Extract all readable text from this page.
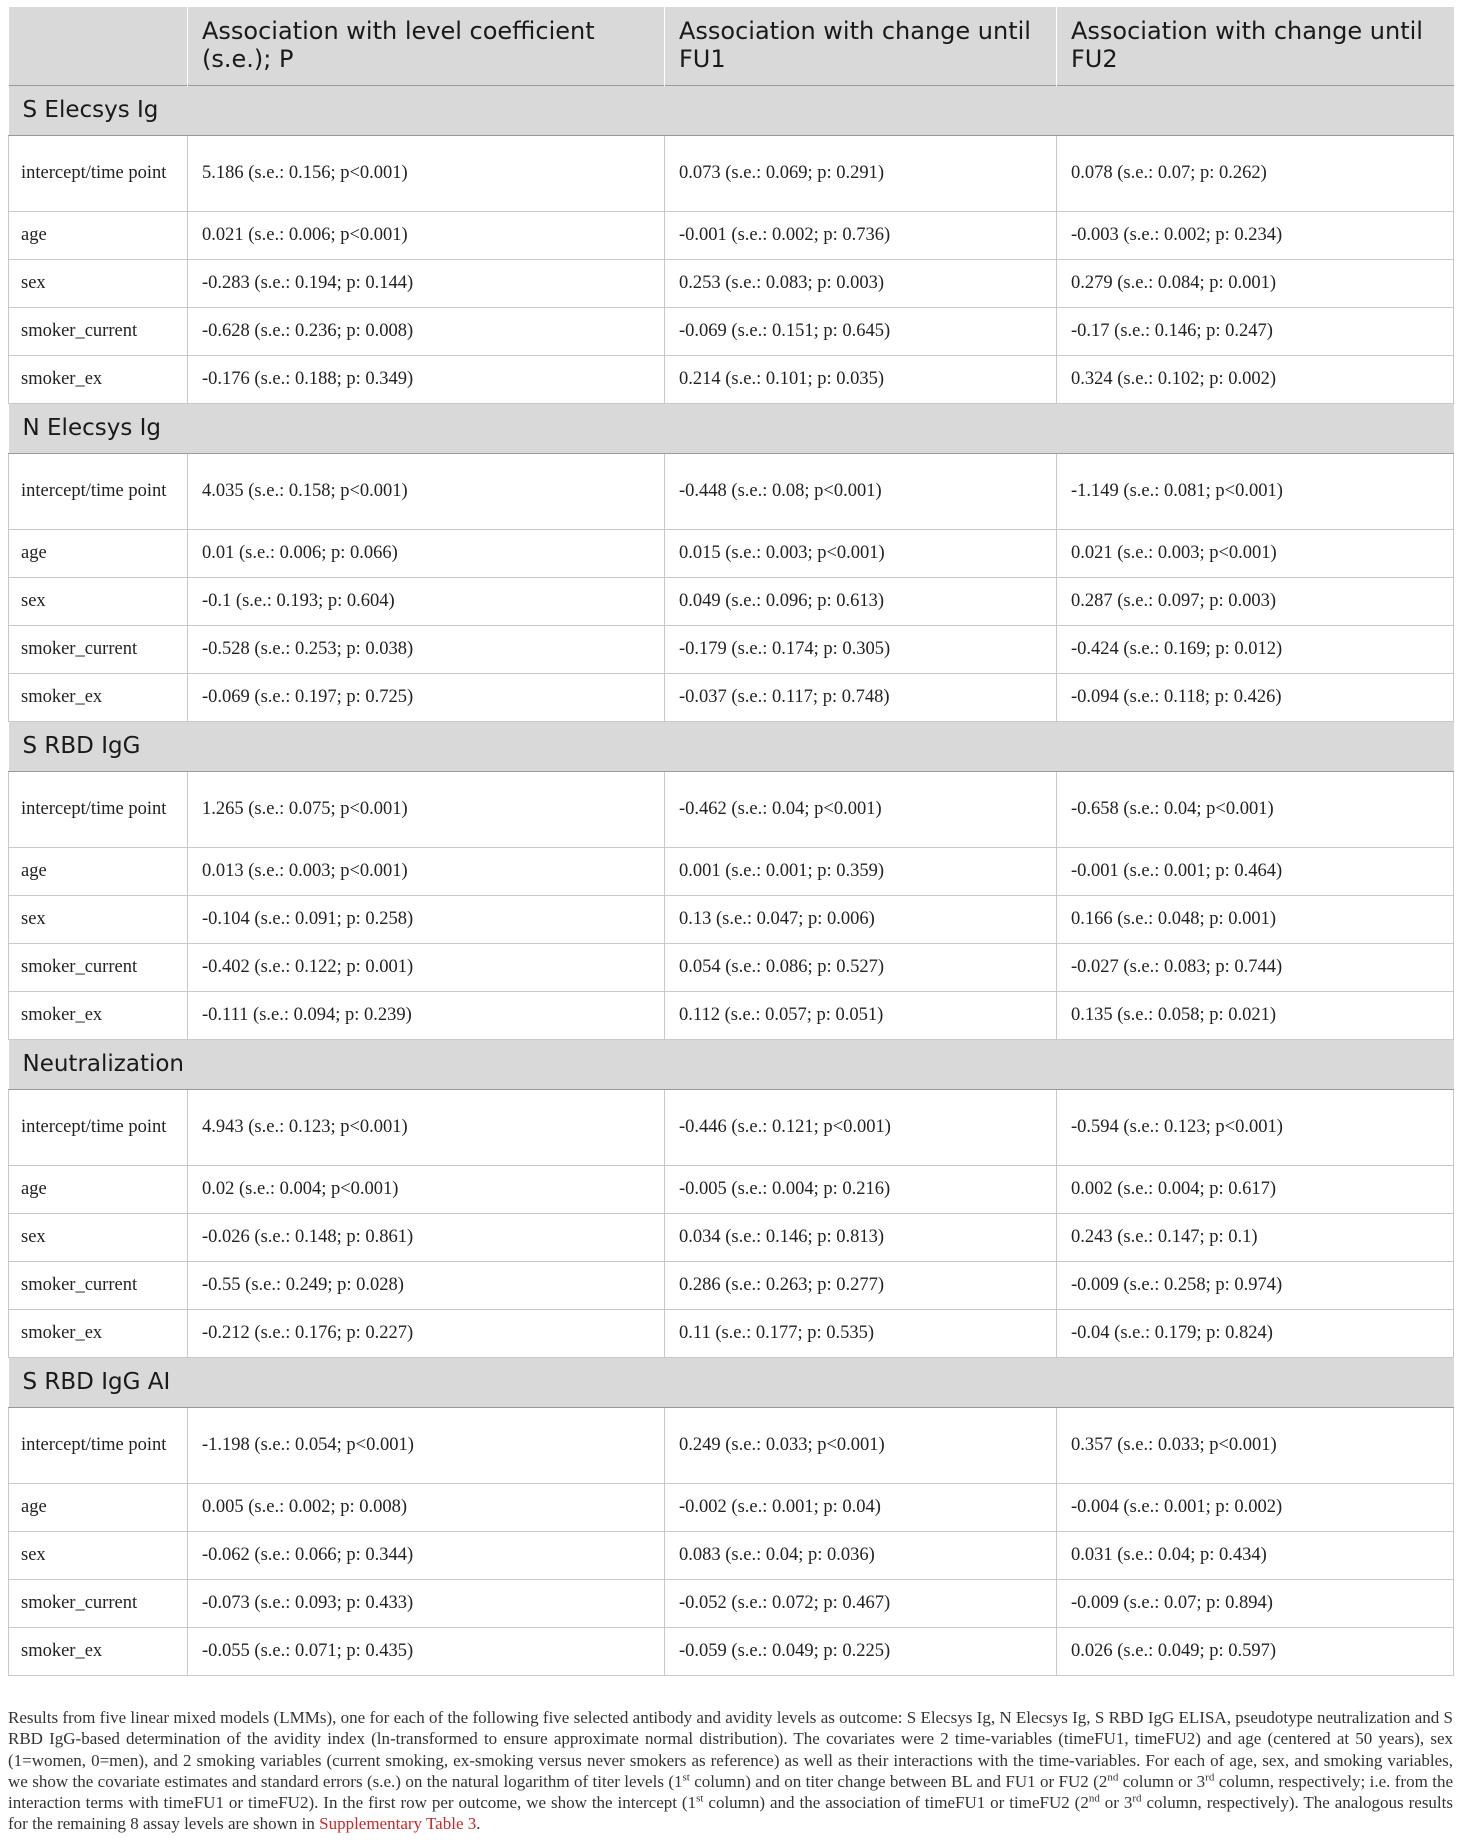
	Association with level coefficient (s.e.); P	Association with change until FU1	Association with change until FU2
S Elecsys Ig			
intercept/time point	5.186 (s.e.: 0.156; p<0.001)	0.073 (s.e.: 0.069; p: 0.291)	0.078 (s.e.: 0.07; p: 0.262)
age	0.021 (s.e.: 0.006; p<0.001)	-0.001 (s.e.: 0.002; p: 0.736)	-0.003 (s.e.: 0.002; p: 0.234)
sex	-0.283 (s.e.: 0.194; p: 0.144)	0.253 (s.e.: 0.083; p: 0.003)	0.279 (s.e.: 0.084; p: 0.001)
smoker_current	-0.628 (s.e.: 0.236; p: 0.008)	-0.069 (s.e.: 0.151; p: 0.645)	-0.17 (s.e.: 0.146; p: 0.247)
smoker_ex	-0.176 (s.e.: 0.188; p: 0.349)	0.214 (s.e.: 0.101; p: 0.035)	0.324 (s.e.: 0.102; p: 0.002)
N Elecsys Ig			
intercept/time point	4.035 (s.e.: 0.158; p<0.001)	-0.448 (s.e.: 0.08; p<0.001)	-1.149 (s.e.: 0.081; p<0.001)
age	0.01 (s.e.: 0.006; p: 0.066)	0.015 (s.e.: 0.003; p<0.001)	0.021 (s.e.: 0.003; p<0.001)
sex	-0.1 (s.e.: 0.193; p: 0.604)	0.049 (s.e.: 0.096; p: 0.613)	0.287 (s.e.: 0.097; p: 0.003)
smoker_current	-0.528 (s.e.: 0.253; p: 0.038)	-0.179 (s.e.: 0.174; p: 0.305)	-0.424 (s.e.: 0.169; p: 0.012)
smoker_ex	-0.069 (s.e.: 0.197; p: 0.725)	-0.037 (s.e.: 0.117; p: 0.748)	-0.094 (s.e.: 0.118; p: 0.426)
S RBD IgG			
intercept/time point	1.265 (s.e.: 0.075; p<0.001)	-0.462 (s.e.: 0.04; p<0.001)	-0.658 (s.e.: 0.04; p<0.001)
age	0.013 (s.e.: 0.003; p<0.001)	0.001 (s.e.: 0.001; p: 0.359)	-0.001 (s.e.: 0.001; p: 0.464)
sex	-0.104 (s.e.: 0.091; p: 0.258)	0.13 (s.e.: 0.047; p: 0.006)	0.166 (s.e.: 0.048; p: 0.001)
smoker_current	-0.402 (s.e.: 0.122; p: 0.001)	0.054 (s.e.: 0.086; p: 0.527)	-0.027 (s.e.: 0.083; p: 0.744)
smoker_ex	-0.111 (s.e.: 0.094; p: 0.239)	0.112 (s.e.: 0.057; p: 0.051)	0.135 (s.e.: 0.058; p: 0.021)
Neutralization			
intercept/time point	4.943 (s.e.: 0.123; p<0.001)	-0.446 (s.e.: 0.121; p<0.001)	-0.594 (s.e.: 0.123; p<0.001)
age	0.02 (s.e.: 0.004; p<0.001)	-0.005 (s.e.: 0.004; p: 0.216)	0.002 (s.e.: 0.004; p: 0.617)
sex	-0.026 (s.e.: 0.148; p: 0.861)	0.034 (s.e.: 0.146; p: 0.813)	0.243 (s.e.: 0.147; p: 0.1)
smoker_current	-0.55 (s.e.: 0.249; p: 0.028)	0.286 (s.e.: 0.263; p: 0.277)	-0.009 (s.e.: 0.258; p: 0.974)
smoker_ex	-0.212 (s.e.: 0.176; p: 0.227)	0.11 (s.e.: 0.177; p: 0.535)	-0.04 (s.e.: 0.179; p: 0.824)
S RBD IgG AI			
intercept/time point	-1.198 (s.e.: 0.054; p<0.001)	0.249 (s.e.: 0.033; p<0.001)	0.357 (s.e.: 0.033; p<0.001)
age	0.005 (s.e.: 0.002; p: 0.008)	-0.002 (s.e.: 0.001; p: 0.04)	-0.004 (s.e.: 0.001; p: 0.002)
sex	-0.062 (s.e.: 0.066; p: 0.344)	0.083 (s.e.: 0.04; p: 0.036)	0.031 (s.e.: 0.04; p: 0.434)
smoker_current	-0.073 (s.e.: 0.093; p: 0.433)	-0.052 (s.e.: 0.072; p: 0.467)	-0.009 (s.e.: 0.07; p: 0.894)
smoker_ex	-0.055 (s.e.: 0.071; p: 0.435)	-0.059 (s.e.: 0.049; p: 0.225)	0.026 (s.e.: 0.049; p: 0.597)

Results from five linear mixed models (LMMs), one for each of the following five selected antibody and avidity levels as outcome: S Elecsys Ig, N Elecsys Ig, S RBD IgG ELISA, pseudotype neutralization and S RBD IgG-based determination of the avidity index (ln-transformed to ensure approximate normal distribution). The covariates were 2 time-variables (timeFU1, timeFU2) and age (centered at 50 years), sex (1=women, 0=men), and 2 smoking variables (current smoking, ex-smoking versus never smokers as reference) as well as their interactions with the time-variables. For each of age, sex, and smoking variables, we show the covariate estimates and standard errors (s.e.) on the natural logarithm of titer levels (1st column) and on titer change between BL and FU1 or FU2 (2nd column or 3rd column, respectively; i.e. from the interaction terms with timeFU1 or timeFU2). In the first row per outcome, we show the intercept (1st column) and the association of timeFU1 or timeFU2 (2nd or 3rd column, respectively). The analogous results for the remaining 8 assay levels are shown in Supplementary Table 3.
